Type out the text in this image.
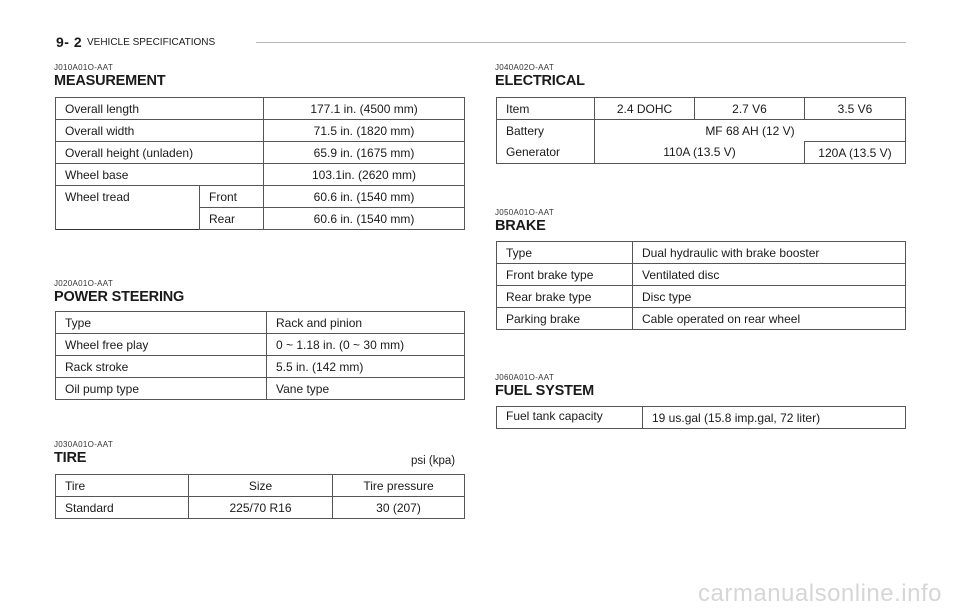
9- 2 VEHICLE SPECIFICATIONS
J010A01O-AAT
MEASUREMENT
Overall length		177.1 in. (4500 mm)
Overall width		71.5 in. (1820 mm)
Overall height (unladen)		65.9 in. (1675 mm)
Wheel base		103.1in. (2620 mm)
Wheel tread	Front	60.6 in. (1540 mm)
	Rear	60.6 in. (1540 mm)
J020A01O-AAT
POWER STEERING
Type	Rack and pinion
Wheel free play	0 ~ 1.18 in. (0 ~ 30 mm)
Rack stroke	5.5 in. (142 mm)
Oil pump type	Vane type
J030A01O-AAT
TIRE	psi (kpa)
Tire	Size	Tire pressure
Standard	225/70 R16	30 (207)
J040A02O-AAT
ELECTRICAL
Item	2.4 DOHC	2.7 V6	3.5 V6
Battery	MF 68 AH (12 V)		
Generator	110A (13.5 V)		120A (13.5 V)
J050A01O-AAT
BRAKE
Type	Dual hydraulic with brake booster
Front brake type	Ventilated disc
Rear brake type	Disc type
Parking brake	Cable operated on rear wheel
J060A01O-AAT
FUEL SYSTEM
Fuel tank capacity	19 us.gal (15.8 imp.gal, 72 liter)
carmanualsonline.info
